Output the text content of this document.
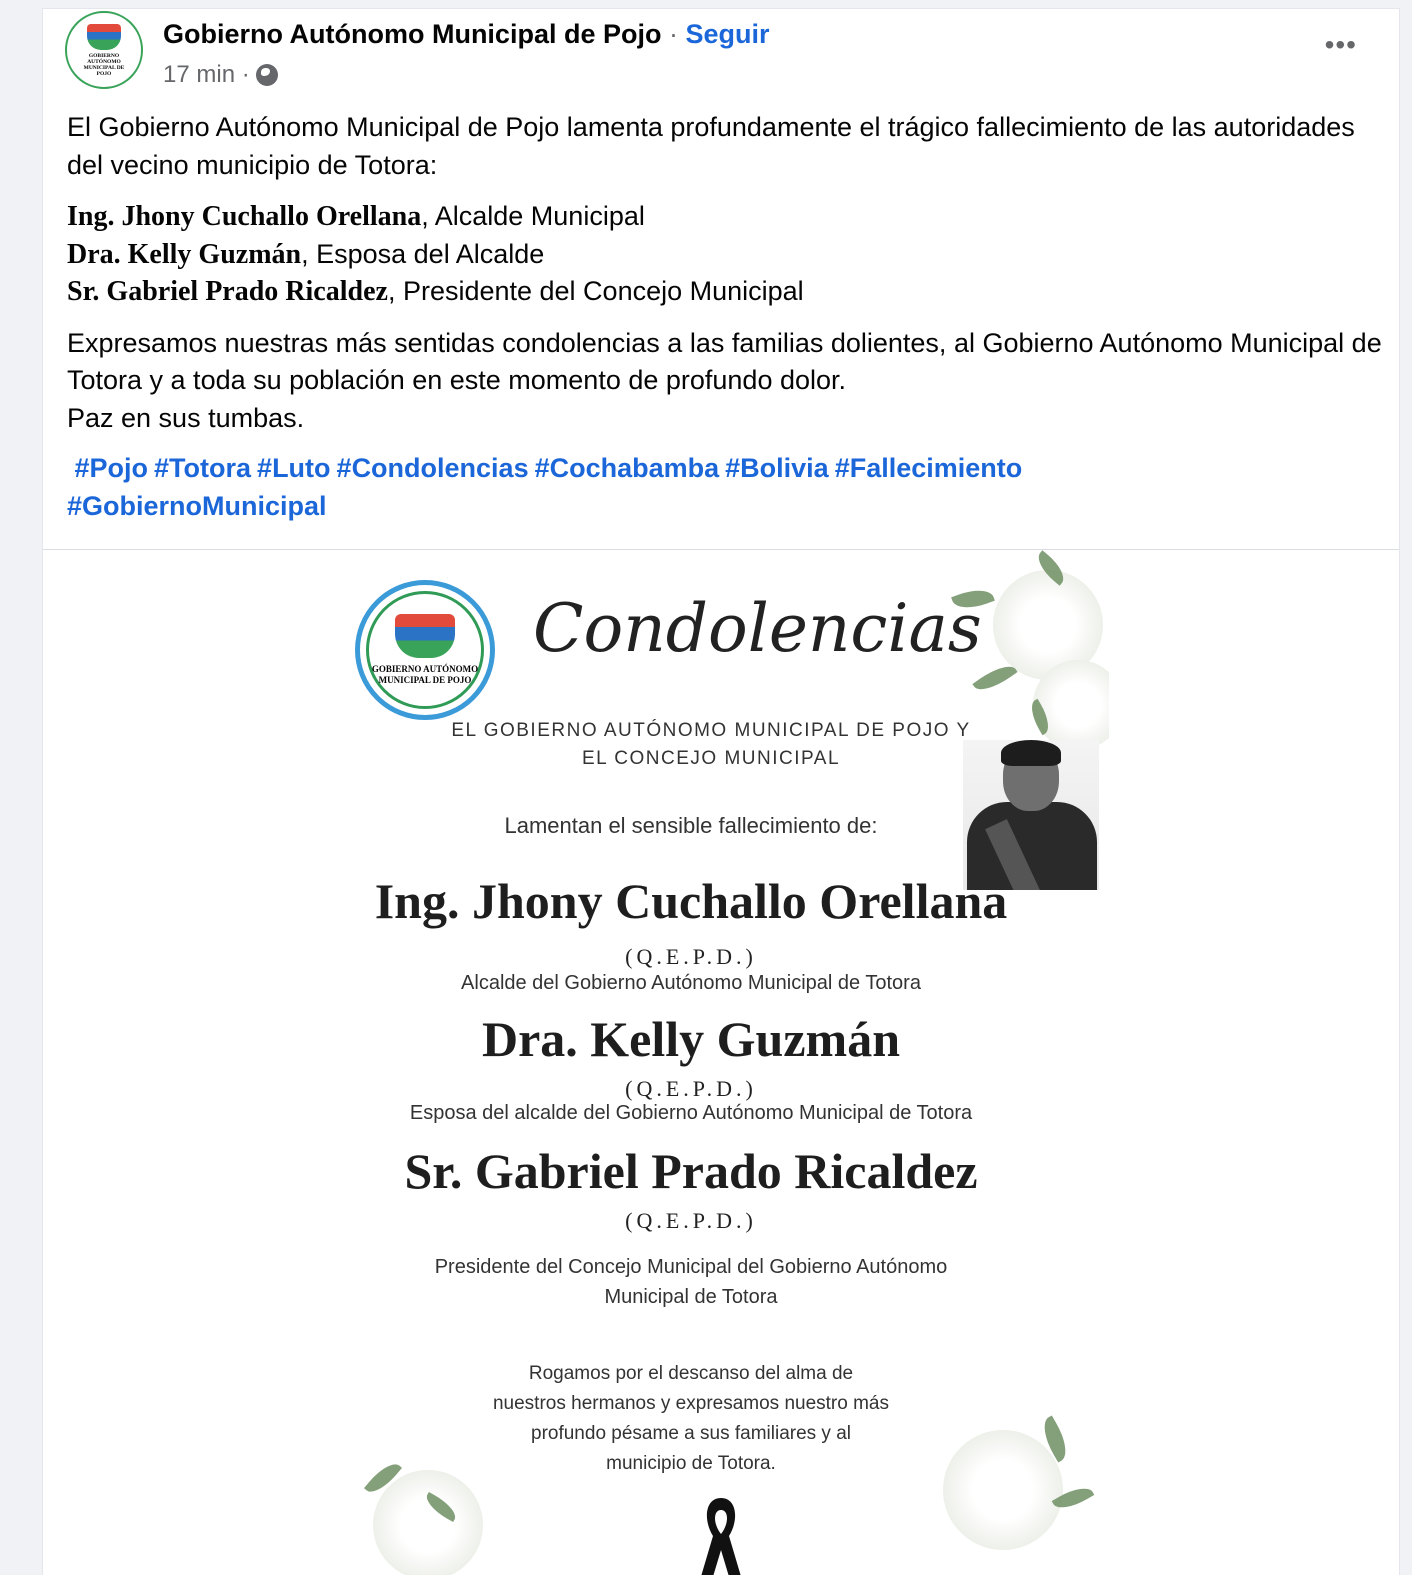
GOBIERNO AUTÓNOMO MUNICIPAL DE POJO
Gobierno Autónomo Municipal de Pojo · Seguir
17 min ·
•••

El Gobierno Autónomo Municipal de Pojo lamenta profundamente el trágico fallecimiento de las autoridades del vecino municipio de Totora:

Ing. Jhony Cuchallo Orellana, Alcalde Municipal
Dra. Kelly Guzmán, Esposa del Alcalde
Sr. Gabriel Prado Ricaldez, Presidente del Concejo Municipal

Expresamos nuestras más sentidas condolencias a las familias dolientes, al Gobierno Autónomo Municipal de Totora y a toda su población en este momento de profundo dolor.
Paz en sus tumbas.

#Pojo #Totora #Luto #Condolencias #Cochabamba #Bolivia #Fallecimiento
#GobiernoMunicipal
GOBIERNO AUTÓNOMO MUNICIPAL DE POJO
Condolencias
EL GOBIERNO AUTÓNOMO MUNICIPAL DE POJO Y
EL CONCEJO MUNICIPAL
Lamentan el sensible fallecimiento de:
Ing. Jhony Cuchallo Orellana
(Q.E.P.D.)
Alcalde del Gobierno Autónomo Municipal de Totora
Dra. Kelly Guzmán
(Q.E.P.D.)
Esposa del alcalde del Gobierno Autónomo Municipal de Totora
Sr. Gabriel Prado Ricaldez
(Q.E.P.D.)
Presidente del Concejo Municipal del Gobierno Autónomo
Municipal de Totora
Rogamos por el descanso del alma de
nuestros hermanos y expresamos nuestro más
profundo pésame a sus familiares y al
municipio de Totora.
